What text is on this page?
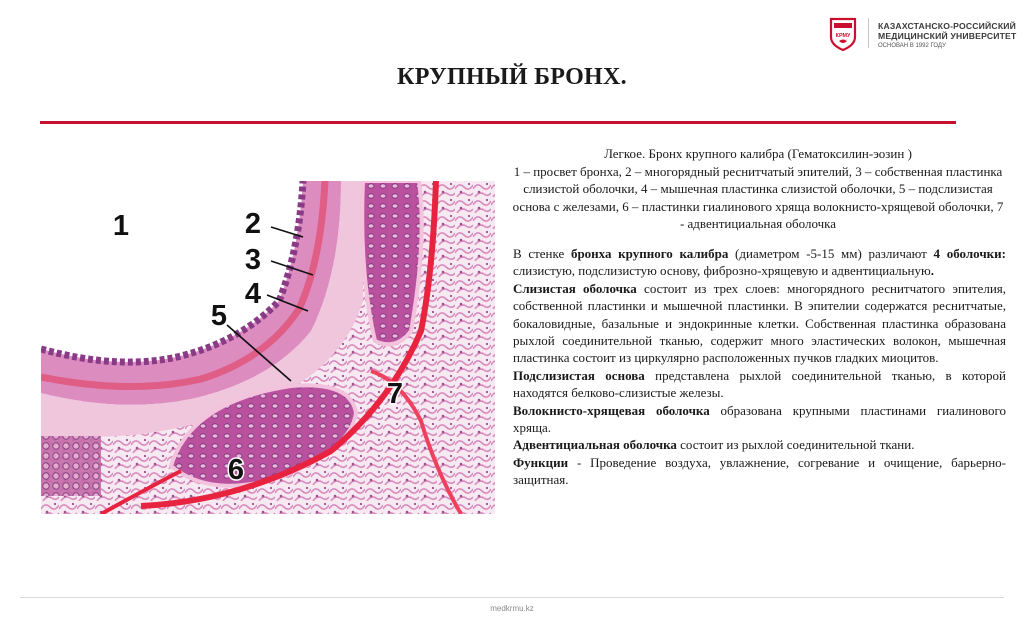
КРМУ
КАЗАХСТАНСКО-РОССИЙСКИЙ
МЕДИЦИНСКИЙ УНИВЕРСИТЕТ
ОСНОВАН В 1992 ГОДУ
КРУПНЫЙ БРОНХ.
1	2
3
4
5
6
7
Легкое. Бронх крупного калибра (Гематоксилин-эозин )
1 – просвет бронха, 2 – многорядный реснитчатый эпителий, 3 – собственная пластинка слизистой оболочки, 4 – мышечная пластинка слизистой оболочки, 5 – подслизистая основа с железами, 6 – пластинки гиалинового хряща волокнисто-хрящевой оболочки, 7 - адвентициальная оболочка

В стенке бронха крупного калибра (диаметром -5-15 мм) различают 4 оболочки: слизистую, подслизистую основу, фиброзно-хрящевую и адвентициальную.

Слизистая оболочка состоит из трех слоев: многорядного реснитчатого эпителия, собственной пластинки и мышечной пластинки. В эпителии содержатся реснитчатые, бокаловидные, базальные и эндокринные клетки. Собственная пластинка образована рыхлой соединительной тканью, содержит много эластических волокон, мышечная пластинка состоит из циркулярно расположенных пучков гладких миоцитов.

Подслизистая основа представлена рыхлой соединительной тканью, в которой находятся белково-слизистые железы.

Волокнисто-хрящевая оболочка образована крупными пластинами гиалинового хряща.

Адвентициальная оболочка состоит из рыхлой соединительной ткани.

Функции - Проведение воздуха, увлажнение, согревание и очищение, барьерно-защитная.

medkrmu.kz
